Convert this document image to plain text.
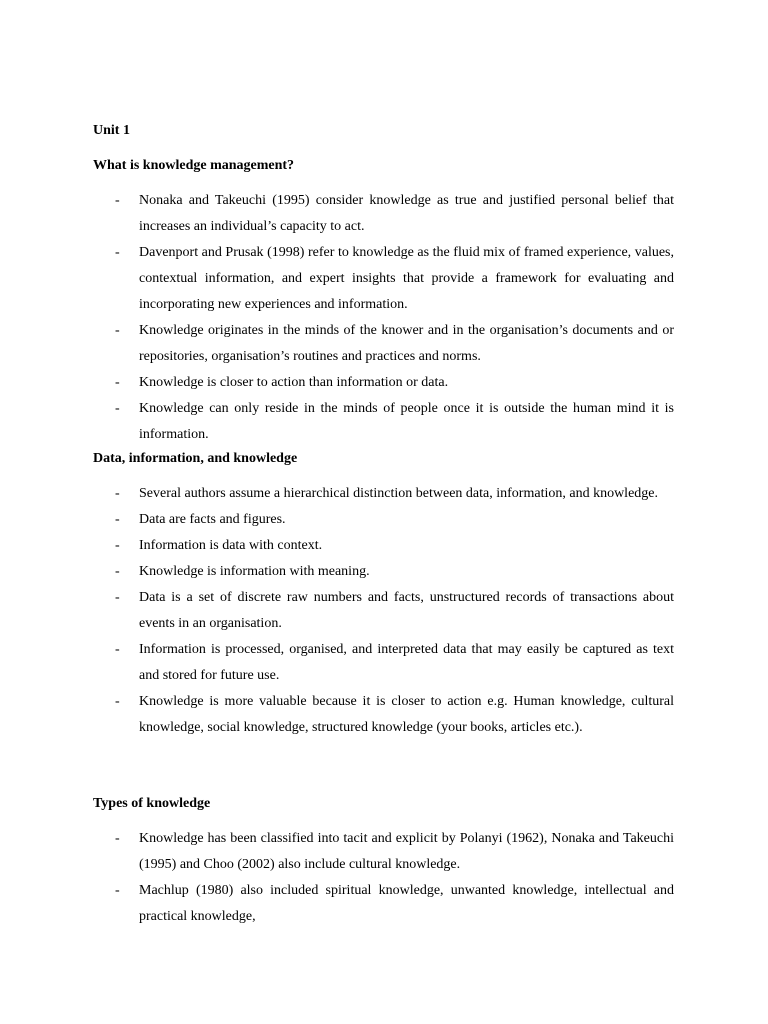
Unit 1
What is knowledge management?
- Nonaka and Takeuchi (1995) consider knowledge as true and justified personal belief that increases an individual’s capacity to act.
- Davenport and Prusak (1998) refer to knowledge as the fluid mix of framed experience, values, contextual information, and expert insights that provide a framework for evaluating and incorporating new experiences and information.
- Knowledge originates in the minds of the knower and in the organisation’s documents and or repositories, organisation’s routines and practices and norms.
- Knowledge is closer to action than information or data.
- Knowledge can only reside in the minds of people once it is outside the human mind it is information.
Data, information, and knowledge
- Several authors assume a hierarchical distinction between data, information, and knowledge.
- Data are facts and figures.
- Information is data with context.
- Knowledge is information with meaning.
- Data is a set of discrete raw numbers and facts, unstructured records of transactions about events in an organisation.
- Information is processed, organised, and interpreted data that may easily be captured as text and stored for future use.
- Knowledge is more valuable because it is closer to action e.g. Human knowledge, cultural knowledge, social knowledge, structured knowledge (your books, articles etc.).
Types of knowledge
- Knowledge has been classified into tacit and explicit by Polanyi (1962), Nonaka and Takeuchi (1995) and Choo (2002) also include cultural knowledge.
- Machlup (1980) also included spiritual knowledge, unwanted knowledge, intellectual and practical knowledge,
